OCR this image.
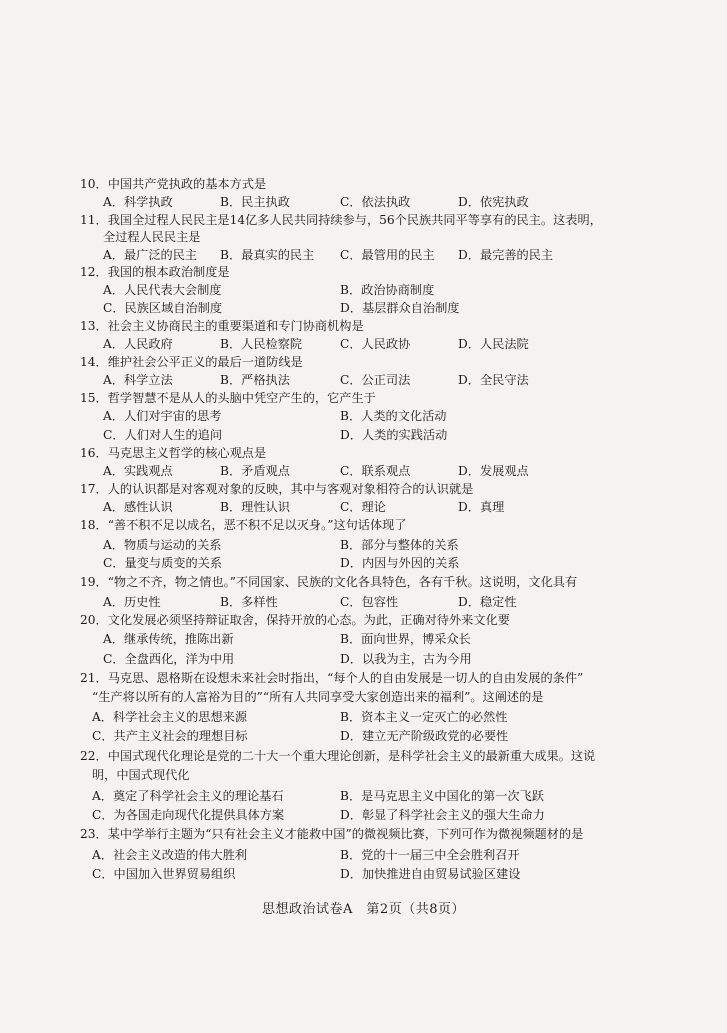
10．中国共产党执政的基本方式是
A．科学执政	B．民主执政	C．依法执政	D．依宪执政
11．我国全过程人民民主是14亿多人民共同持续参与，56个民族共同平等享有的民主。这表明，
全过程人民民主是
A．最广泛的民主 B．最真实的民主 C．最管用的民主 D．最完善的民主
12．我国的根本政治制度是
A．人民代表大会制度	B．政治协商制度
C．民族区域自治制度	D．基层群众自治制度
13．社会主义协商民主的重要渠道和专门协商机构是
A．人民政府	B．人民检察院	C．人民政协	D．人民法院
14．维护社会公平正义的最后一道防线是
A．科学立法	B．严格执法	C．公正司法	D．全民守法
15．哲学智慧不是从人的头脑中凭空产生的，它产生于
A．人们对宇宙的思考	B．人类的文化活动
C．人们对人生的追问	D．人类的实践活动
16．马克思主义哲学的核心观点是
A．实践观点	B．矛盾观点	C．联系观点	D．发展观点
17．人的认识都是对客观对象的反映，其中与客观对象相符合的认识就是
A．感性认识	B．理性认识	C．理论	D．真理
18．“善不积不足以成名，恶不积不足以灭身。”这句话体现了
A．物质与运动的关系	B．部分与整体的关系
C．量变与质变的关系	D．内因与外因的关系
19．“物之不齐，物之情也。”不同国家、民族的文化各具特色，各有千秋。这说明，文化具有
A．历史性	B．多样性	C．包容性	D．稳定性
20．文化发展必须坚持辩证取舍，保持开放的心态。为此，正确对待外来文化要
A．继承传统，推陈出新	B．面向世界，博采众长
C．全盘西化，洋为中用	D．以我为主，古为今用
21．马克思、恩格斯在设想未来社会时指出，“每个人的自由发展是一切人的自由发展的条件”
“生产将以所有的人富裕为目的”“所有人共同享受大家创造出来的福利”。这阐述的是
A．科学社会主义的思想来源	B．资本主义一定灭亡的必然性
C．共产主义社会的理想目标	D．建立无产阶级政党的必要性
22．中国式现代化理论是党的二十大一个重大理论创新，是科学社会主义的最新重大成果。这说
明，中国式现代化
A．奠定了科学社会主义的理论基石	B．是马克思主义中国化的第一次飞跃
C．为各国走向现代化提供具体方案	D．彰显了科学社会主义的强大生命力
23．某中学举行主题为“只有社会主义才能救中国”的微视频比赛，下列可作为微视频题材的是
A．社会主义改造的伟大胜利	B．党的十一届三中全会胜利召开
C．中国加入世界贸易组织	D．加快推进自由贸易试验区建设
思想政治试卷A　第2页（共8页）
